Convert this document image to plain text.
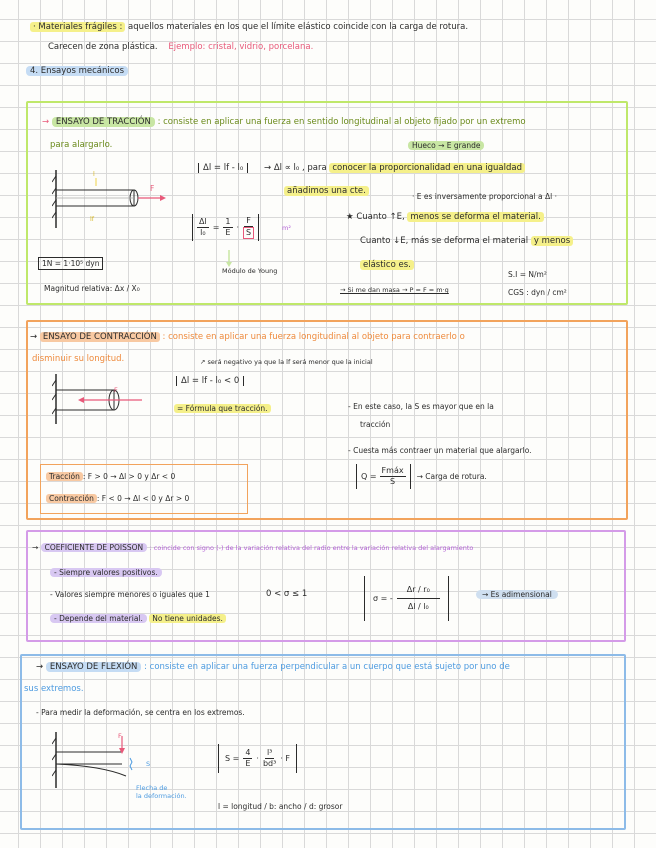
· Materiales frágiles : aquellos materiales en los que el límite elástico coincide con la carga de rotura.
Carecen de zona plástica. Ejemplo: cristal, vidrio, porcelana.
4. Ensayos mecánicos
→ ENSAYO DE TRACCIÓN : consiste en aplicar una fuerza en sentido longitudinal al objeto fijado por un extremo
para alargarlo.
F
l
lf
Δl = lf - l₀	→ Δl ∝ l₀ , para conocer la proporcionalidad en una igualdad
añadimos una cte.
Hueco → E grande
· E es inversamente proporcional a Δl ·
$\frac{\Delta l}{\text{l₀}} = \frac{1}{E} \cdot \frac{F}{S}$	m²
Módulo de Young
★ Cuanto ↑E, menos se deforma el material.
Cuanto ↓E, más se deforma el material y menos
elástico es.
1N = 1·10⁵ dyn
Magnitud relativa: Δx / X₀	→ Si me dan masa → P = F = m·g
S.I = N/m²
CGS : dyn / cm²
→ ENSAYO DE CONTRACCIÓN : consiste en aplicar una fuerza longitudinal al objeto para contraerlo o
disminuir su longitud.	↗ será negativo ya que la lf será menor que la inicial
Δl = lf - l₀ < 0
= Fórmula que tracción.
F
- En este caso, la S es mayor que en la
tracción
- Cuesta más contraer un material que alargarlo.
$Q = \frac{\text{Fmáx}}{S}$ → Carga de rotura.
Tracción : F > 0 → Δl > 0 y Δr < 0
Contracción : F < 0 → Δl < 0 y Δr > 0
→ COEFICIENTE DE POISSON : coincide con signo (-) de la variación relativa del radio entre la variación relativa del alargamiento
- Siempre valores positivos.
- Valores siempre menores o iguales que 1	0 < σ ≤ 1
- Depende del material. No tiene unidades.
σ = - $\frac{\text{Δr / r₀}}{\text{Δl / l₀}}$	→ Es adimensional
→ ENSAYO DE FLEXIÓN : consiste en aplicar una fuerza perpendicular a un cuerpo que está sujeto por uno de
sus extremos.
- Para medir la deformación, se centra en los extremos.
F
S
Flecha de
la deformación.
$S = \frac{4}{E} \cdot \frac{\text{l³}}{\text{bd³}} \cdot F$
l = longitud / b: ancho / d: grosor
